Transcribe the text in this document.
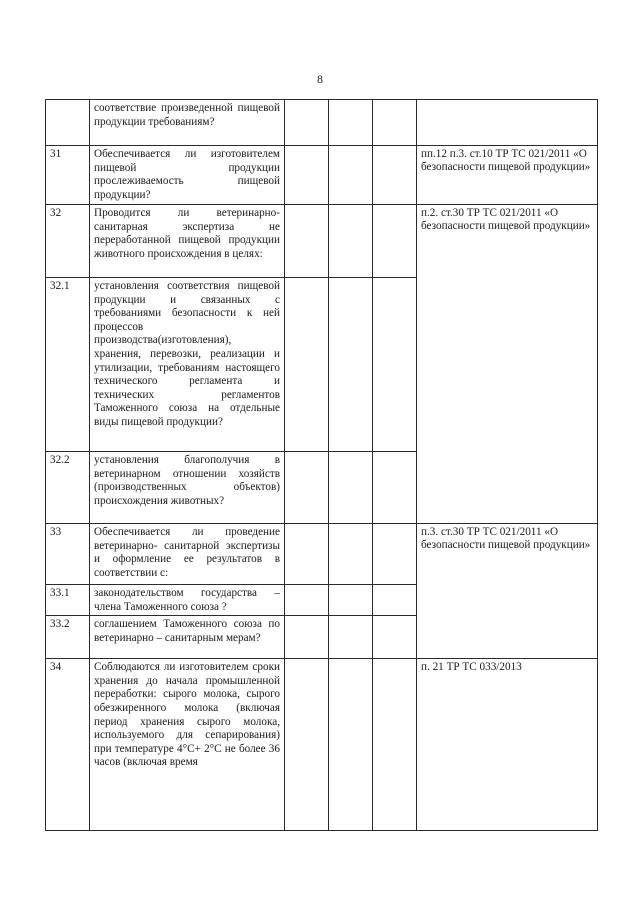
8
	соответствие произведенной пищевой продукции требованиям?				
31	Обеспечивается ли изготовителем пищевой продукции прослеживаемость пищевой продукции?				пп.12 п.3. ст.10 ТР ТС 021/2011 «О безопасности пищевой продукции»
32	Проводится ли ветеринарно-санитарная экспертиза не переработанной пищевой продукции животного происхождения в целях:				п.2. ст.30 ТР ТС 021/2011 «О безопасности пищевой продукции»
32.1	установления соответствия пищевой продукции и связанных с требованиями безопасности к ней процессов производства(изготовления), хранения, перевозки, реализации и утилизации, требованиям настоящего технического регламента и технических регламентов Таможенного союза на отдельные виды пищевой продукции?				
32.2	установления благополучия в ветеринарном отношении хозяйств (производственных объектов) происхождения животных?				
33	Обеспечивается ли проведение ветеринарно- санитарной экспертизы и оформление ее результатов в соответствии с:				п.3. ст.30 ТР ТС 021/2011 «О безопасности пищевой продукции»
33.1	законодательством государства – члена Таможенного союза ?				
33.2	соглашением Таможенного союза по ветеринарно – санитарным мерам?				
34	Соблюдаются ли изготовителем сроки хранения до начала промышленной переработки: сырого молока, сырого обезжиренного молока (включая период хранения сырого молока, используемого для сепарирования) при температуре 4°С+ 2°С не более 36 часов (включая время				п. 21 ТР ТС 033/2013
